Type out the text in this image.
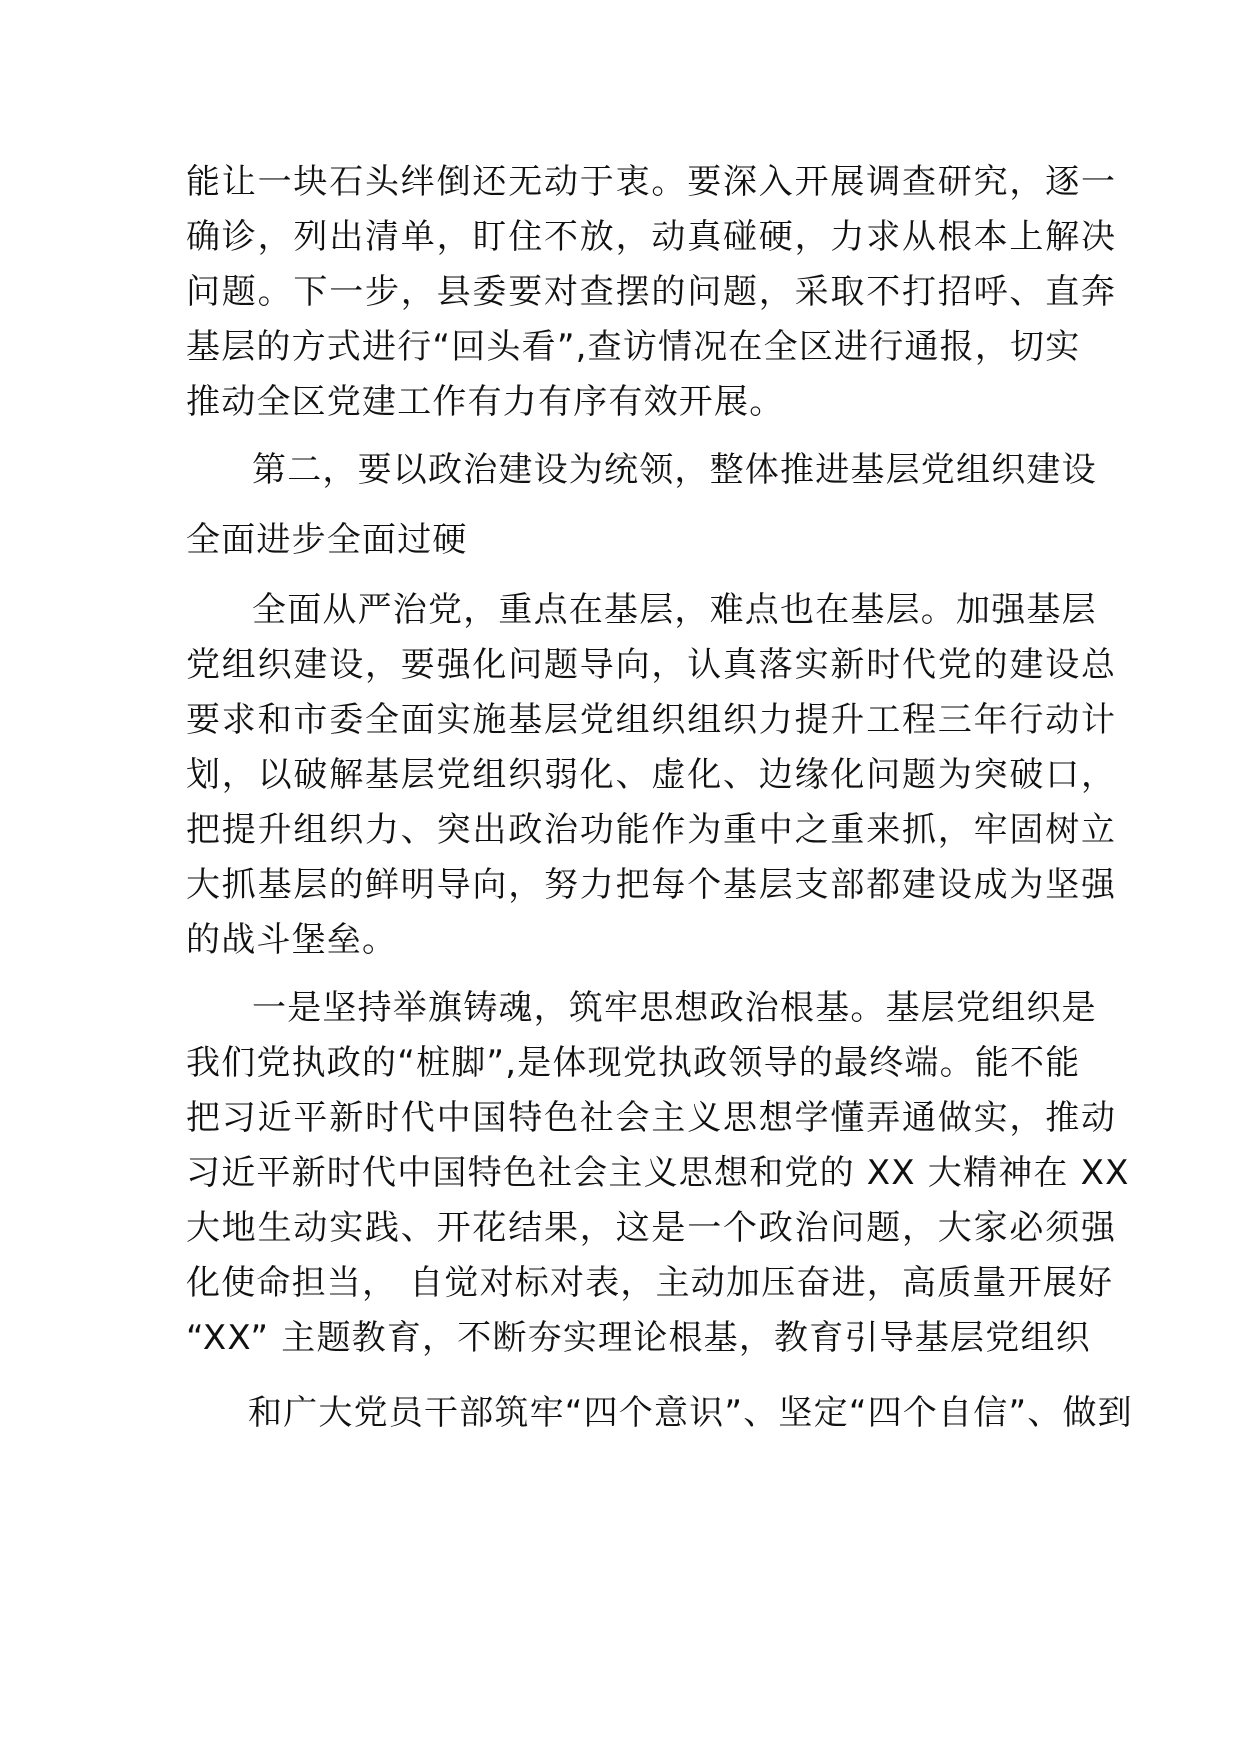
能让一块石头绊倒还无动于衷。要深入开展调查研究，逐一
确诊，列出清单，盯住不放，动真碰硬，力求从根本上解决
问题。下一步，县委要对查摆的问题，采取不打招呼、直奔
基层的方式进行“回头看”,查访情况在全区进行通报，切实
推动全区党建工作有力有序有效开展。
第二，要以政治建设为统领，整体推进基层党组织建设
全面进步全面过硬
全面从严治党，重点在基层，难点也在基层。加强基层
党组织建设，要强化问题导向，认真落实新时代党的建设总
要求和市委全面实施基层党组织组织力提升工程三年行动计
划，以破解基层党组织弱化、虚化、边缘化问题为突破口，
把提升组织力、突出政治功能作为重中之重来抓，牢固树立
大抓基层的鲜明导向，努力把每个基层支部都建设成为坚强
的战斗堡垒。
一是坚持举旗铸魂，筑牢思想政治根基。基层党组织是
我们党执政的“桩脚”,是体现党执政领导的最终端。能不能
把习近平新时代中国特色社会主义思想学懂弄通做实，推动
习近平新时代中国特色社会主义思想和党的 XX 大精神在 XX
大地生动实践、开花结果，这是一个政治问题，大家必须强
化使命担当， 自觉对标对表，主动加压奋进，高质量开展好
“XX” 主题教育，不断夯实理论根基，教育引导基层党组织
和广大党员干部筑牢“四个意识”、坚定“四个自信”、做到
